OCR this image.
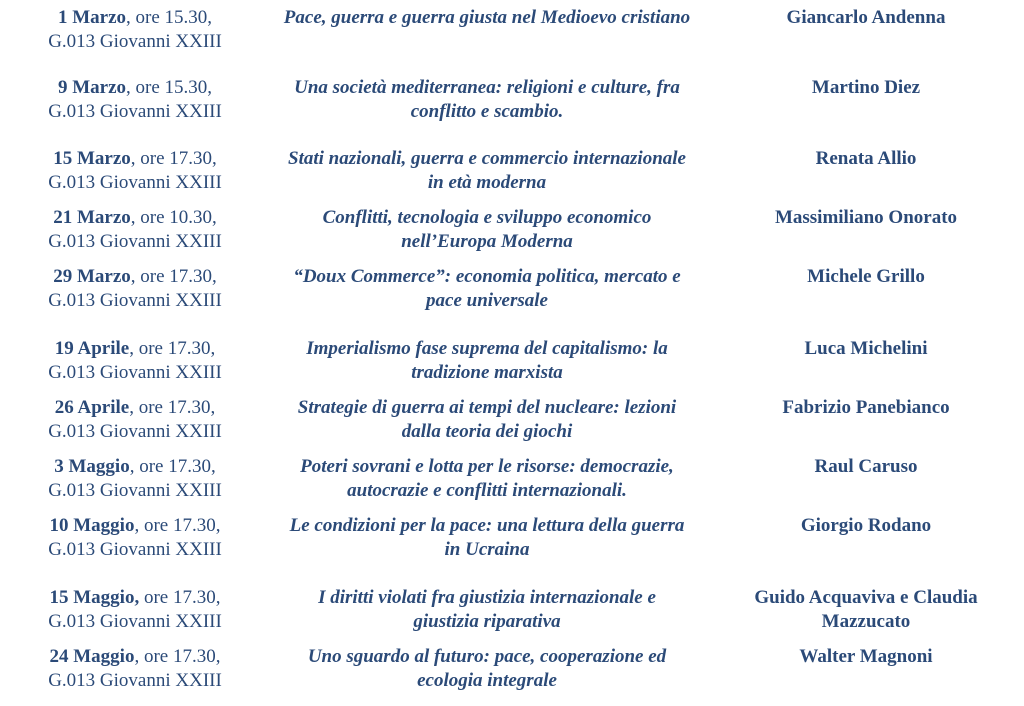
1 Marzo, ore 15.30,
G.013 Giovanni XXIII
Pace, guerra e guerra giusta nel Medioevo cristiano	Giancarlo Andenna
9 Marzo, ore 15.30,
G.013 Giovanni XXIII
Una società mediterranea: religioni e culture, fra
conflitto e scambio.
Martino Diez
15 Marzo, ore 17.30,
G.013 Giovanni XXIII
Stati nazionali, guerra e commercio internazionale
in età moderna
Renata Allio
21 Marzo, ore 10.30,
G.013 Giovanni XXIII
Conflitti, tecnologia e sviluppo economico
nell’Europa Moderna
Massimiliano Onorato
29 Marzo, ore 17.30,
G.013 Giovanni XXIII
“Doux Commerce”: economia politica, mercato e
pace universale
Michele Grillo
19 Aprile, ore 17.30,
G.013 Giovanni XXIII
Imperialismo fase suprema del capitalismo: la
tradizione marxista
Luca Michelini
26 Aprile, ore 17.30,
G.013 Giovanni XXIII
Strategie di guerra ai tempi del nucleare: lezioni
dalla teoria dei giochi
Fabrizio Panebianco
3 Maggio, ore 17.30,
G.013 Giovanni XXIII
Poteri sovrani e lotta per le risorse: democrazie,
autocrazie e conflitti internazionali.
Raul Caruso
10 Maggio, ore 17.30,
G.013 Giovanni XXIII
Le condizioni per la pace: una lettura della guerra
in Ucraina
Giorgio Rodano
15 Maggio, ore 17.30,
G.013 Giovanni XXIII
I diritti violati fra giustizia internazionale e
giustizia riparativa
Guido Acquaviva e Claudia
Mazzucato
24 Maggio, ore 17.30,
G.013 Giovanni XXIII
Uno sguardo al futuro: pace, cooperazione ed
ecologia integrale
Walter Magnoni
